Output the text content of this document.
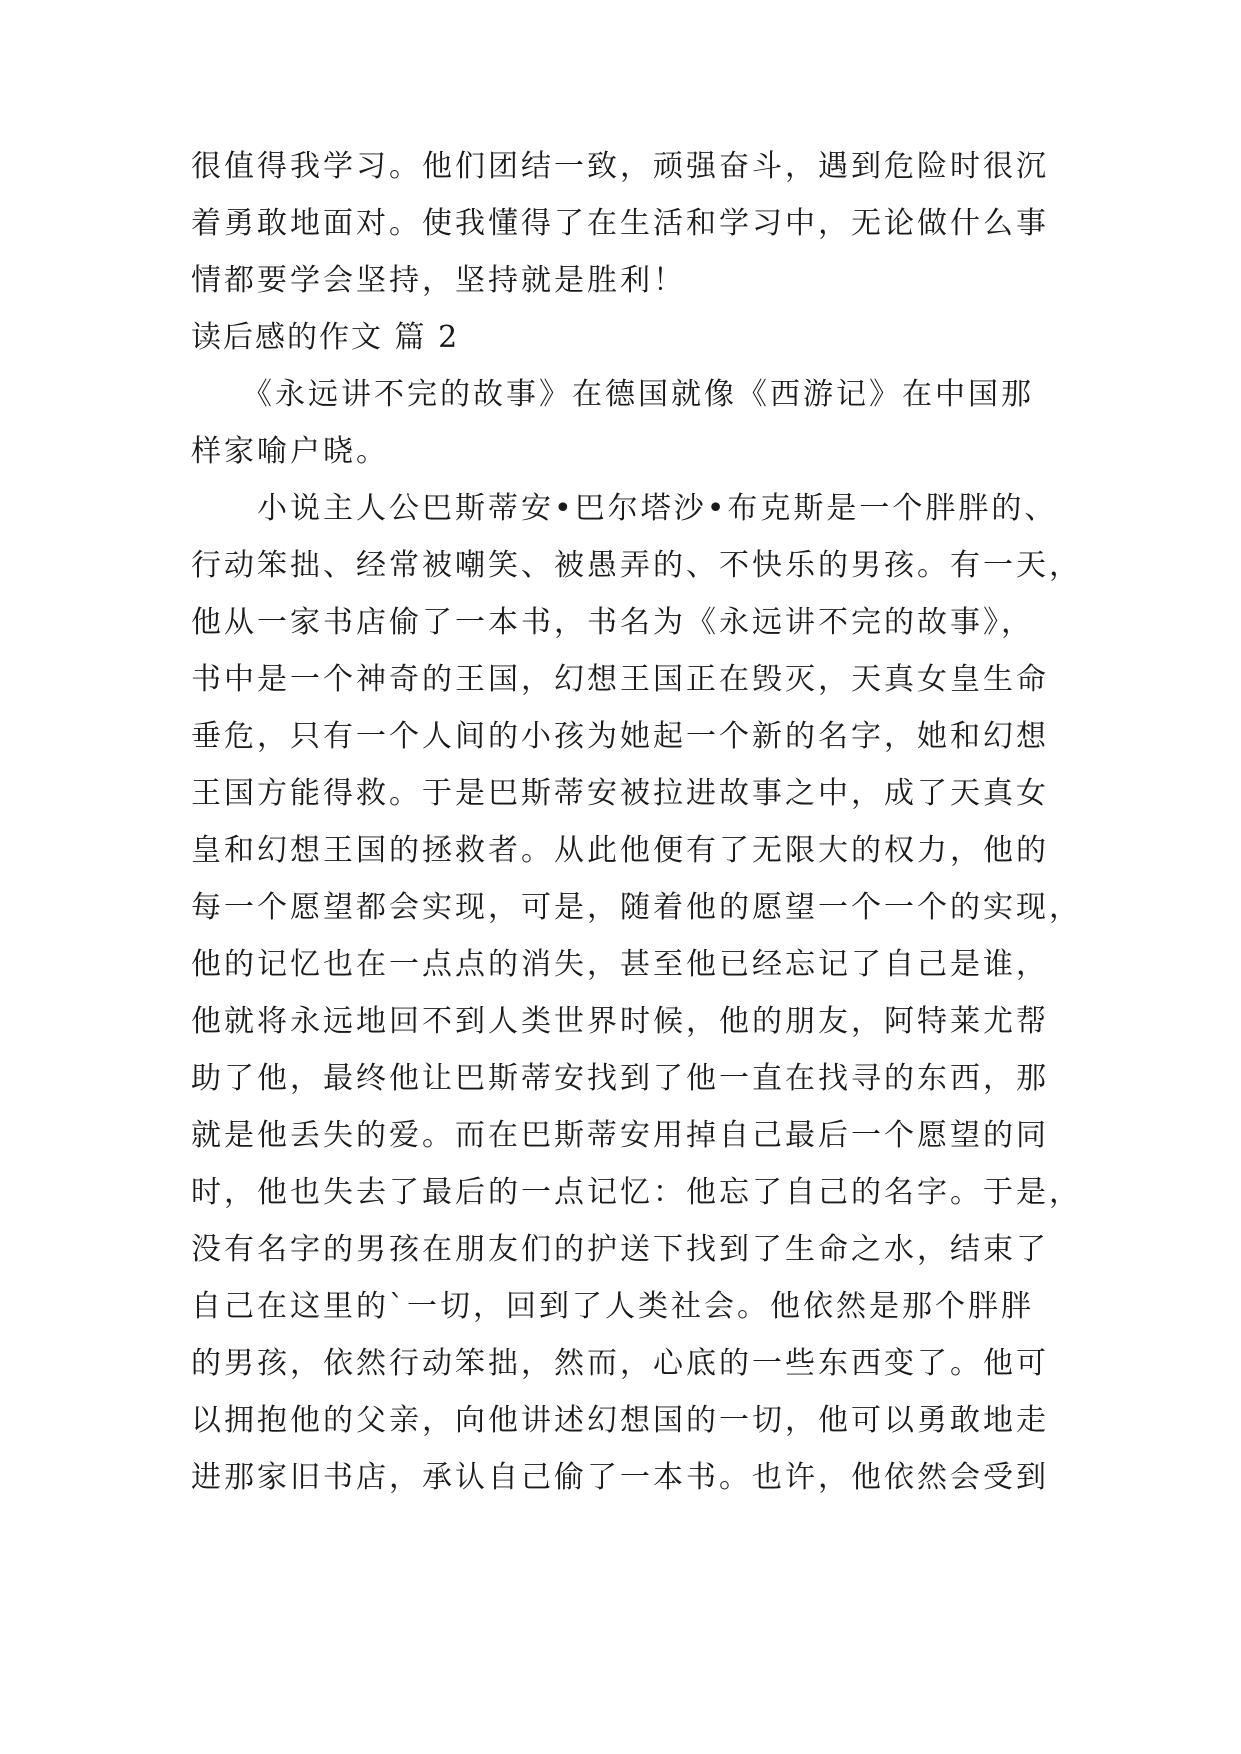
很值得我学习。他们团结一致，顽强奋斗，遇到危险时很沉
着勇敢地面对。使我懂得了在生活和学习中，无论做什么事
情都要学会坚持，坚持就是胜利！
读后感的作文 篇 2
　　《永远讲不完的故事》在德国就像《西游记》在中国那
样家喻户晓。
　　小说主人公巴斯蒂安•巴尔塔沙•布克斯是一个胖胖的、
行动笨拙、经常被嘲笑、被愚弄的、不快乐的男孩。有一天，
他从一家书店偷了一本书，书名为《永远讲不完的故事》，
书中是一个神奇的王国，幻想王国正在毁灭，天真女皇生命
垂危，只有一个人间的小孩为她起一个新的名字，她和幻想
王国方能得救。于是巴斯蒂安被拉进故事之中，成了天真女
皇和幻想王国的拯救者。从此他便有了无限大的权力，他的
每一个愿望都会实现，可是，随着他的愿望一个一个的实现，
他的记忆也在一点点的消失，甚至他已经忘记了自己是谁，
他就将永远地回不到人类世界时候，他的朋友，阿特莱尤帮
助了他，最终他让巴斯蒂安找到了他一直在找寻的东西，那
就是他丢失的爱。而在巴斯蒂安用掉自己最后一个愿望的同
时，他也失去了最后的一点记忆：他忘了自己的名字。于是，
没有名字的男孩在朋友们的护送下找到了生命之水，结束了
自己在这里的`一切，回到了人类社会。他依然是那个胖胖
的男孩，依然行动笨拙，然而，心底的一些东西变了。他可
以拥抱他的父亲，向他讲述幻想国的一切，他可以勇敢地走
进那家旧书店，承认自己偷了一本书。也许，他依然会受到
